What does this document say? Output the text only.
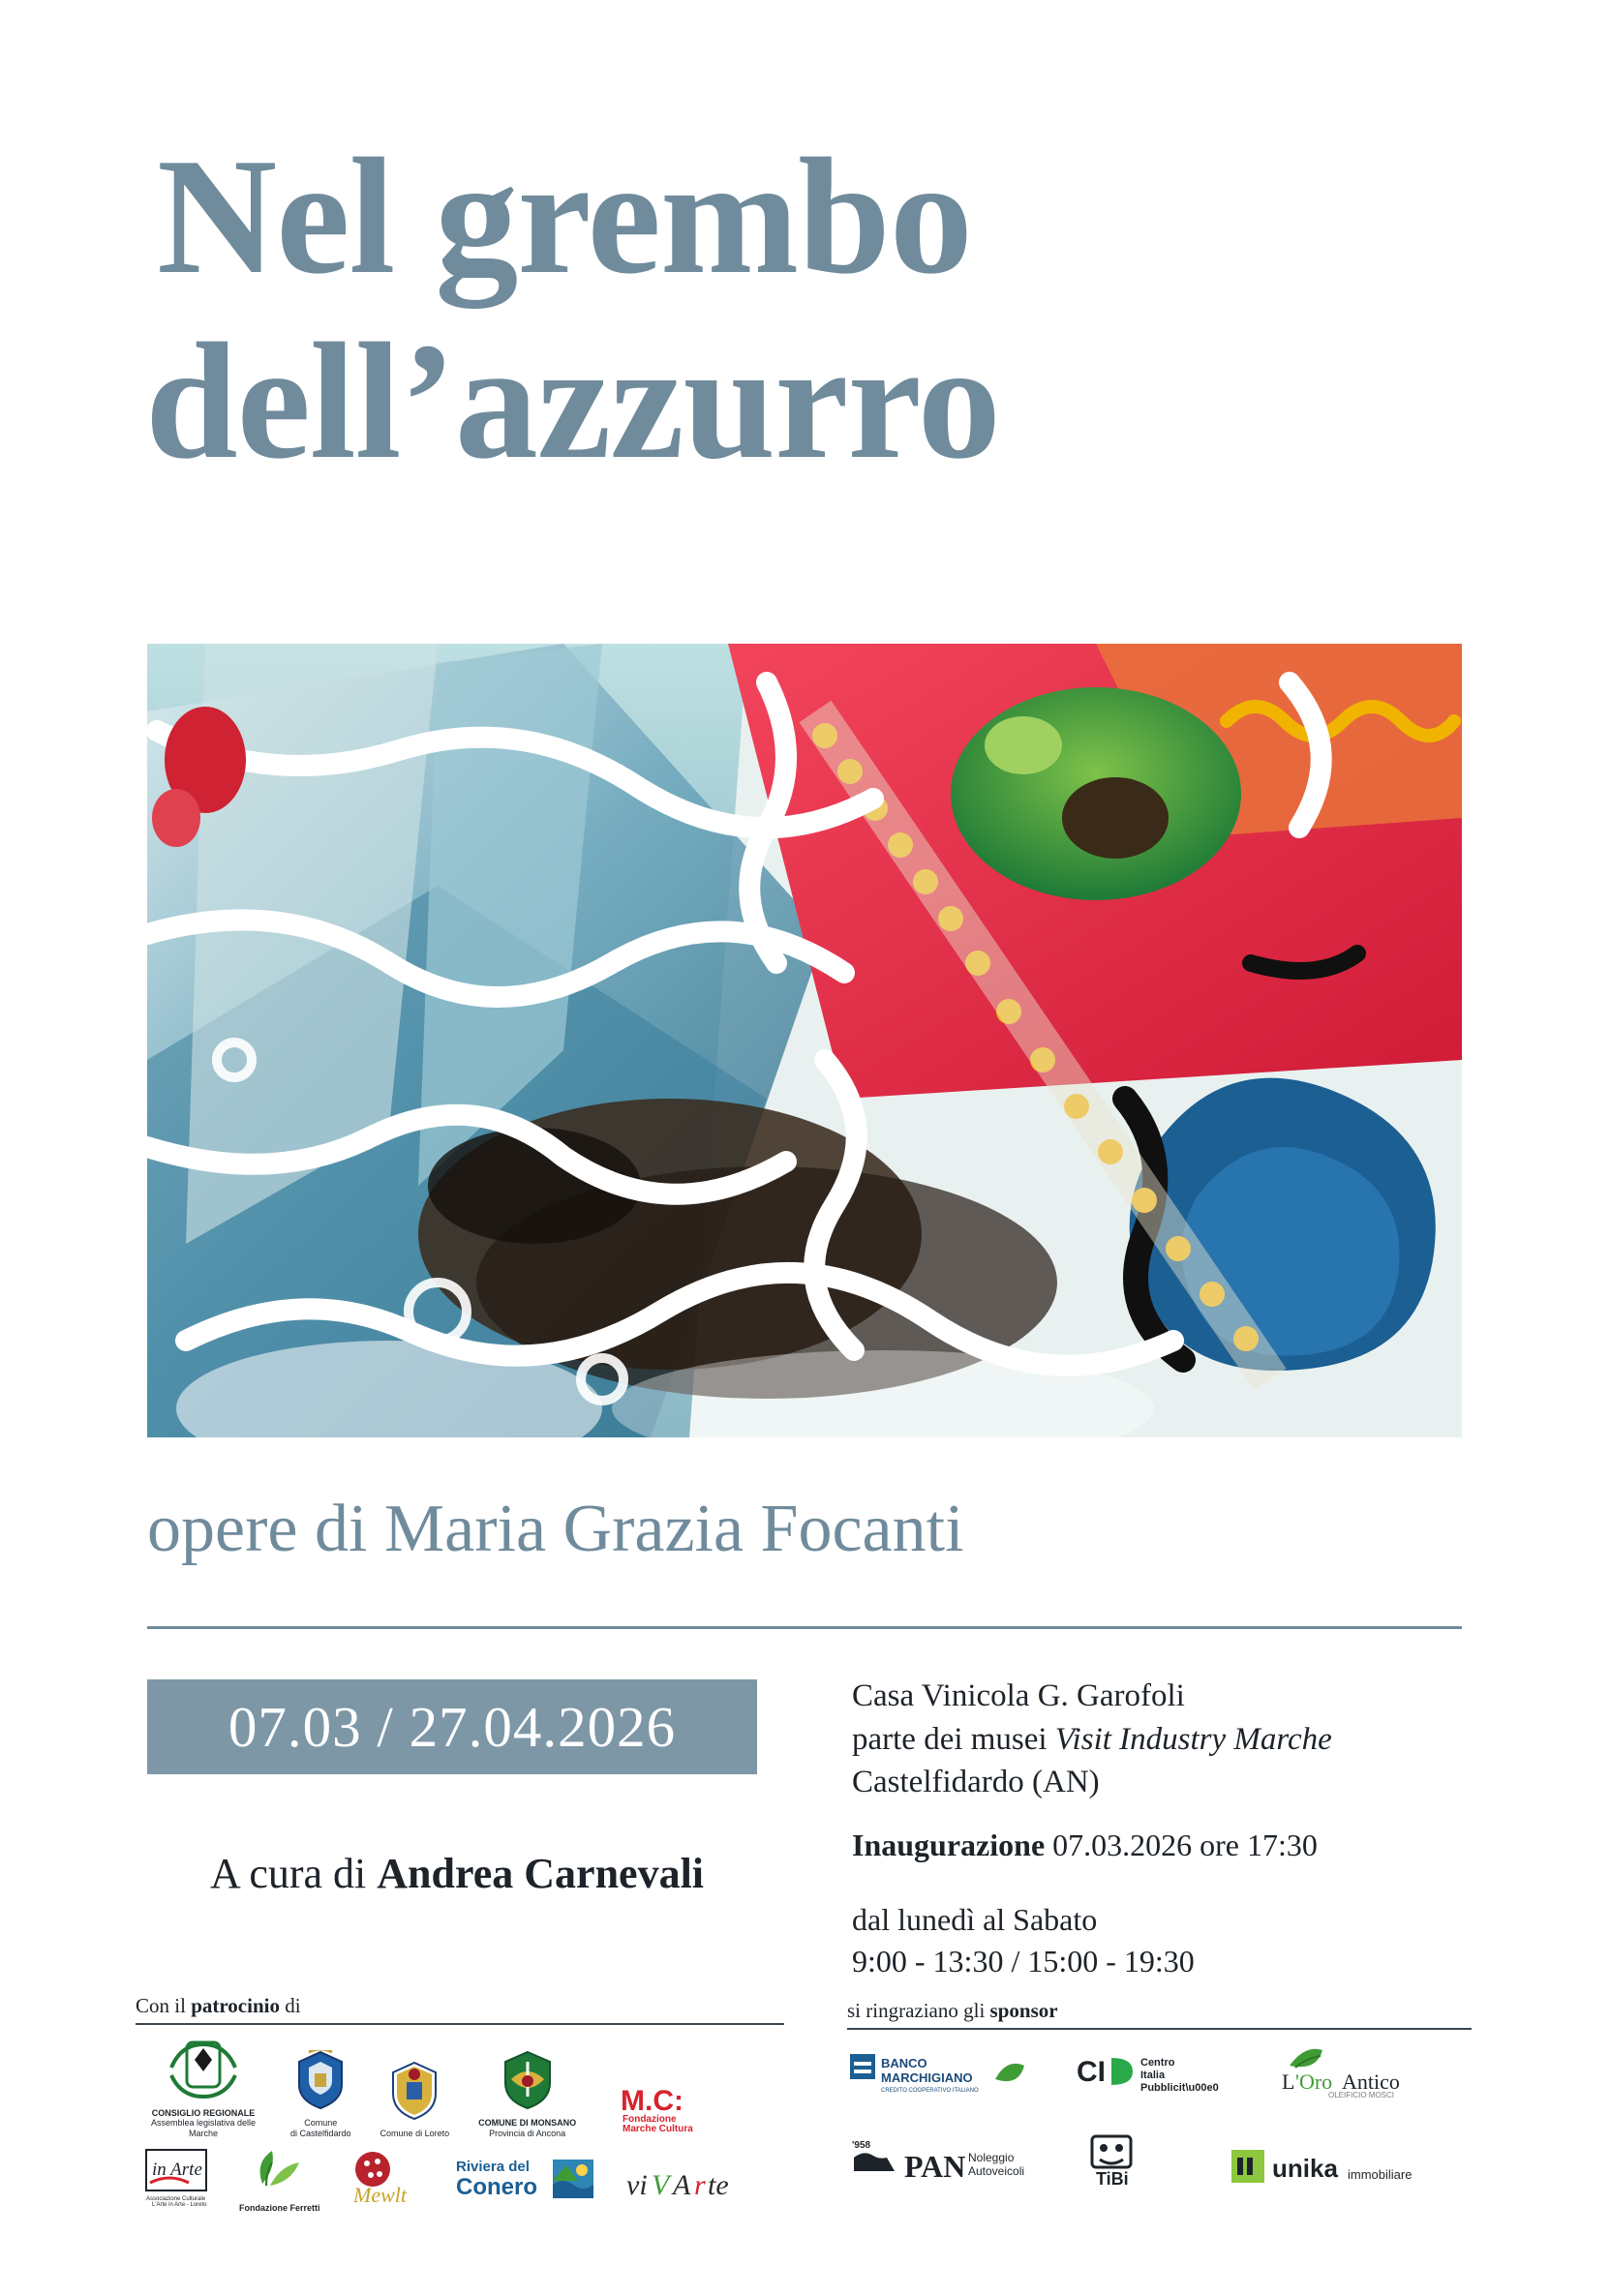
Nel grembo
dell’azzurro
opere di Maria Grazia Focanti
07.03 / 27.04.2026
A cura di Andrea Carnevali
Casa Vinicola G. Garofoli
parte dei musei Visit Industry Marche
Castelfidardo (AN)
Inaugurazione 07.03.2026 ore 17:30
dal lunedì al Sabato
9:00 - 13:30 / 15:00 - 19:30
Con il patrocinio di
CONSIGLIO REGIONALE
Assemblea legislativa delle Marche
Comune
di Castelfidardo	Comune di Loreto
COMUNE DI MONSANO
Provincia di Ancona
M.C:
Fondazione
Marche Cultura
in Arte
Associazione Culturale
L'Arte in Arte - Loreto	Fondazione Ferretti
Mewlt
Riviera del
Conero	vi V A r te
si ringraziano gli sponsor
BANCO
MARCHIGIANO
CREDITO COOPERATIVO ITALIANO
CI	Centro
Italia
Pubblicit\u00e0	L 'Oro Antico
OLEIFICIO MOSCI
'958
PAN Noleggio
Autoveicoli	TiBi	unika immobiliare
